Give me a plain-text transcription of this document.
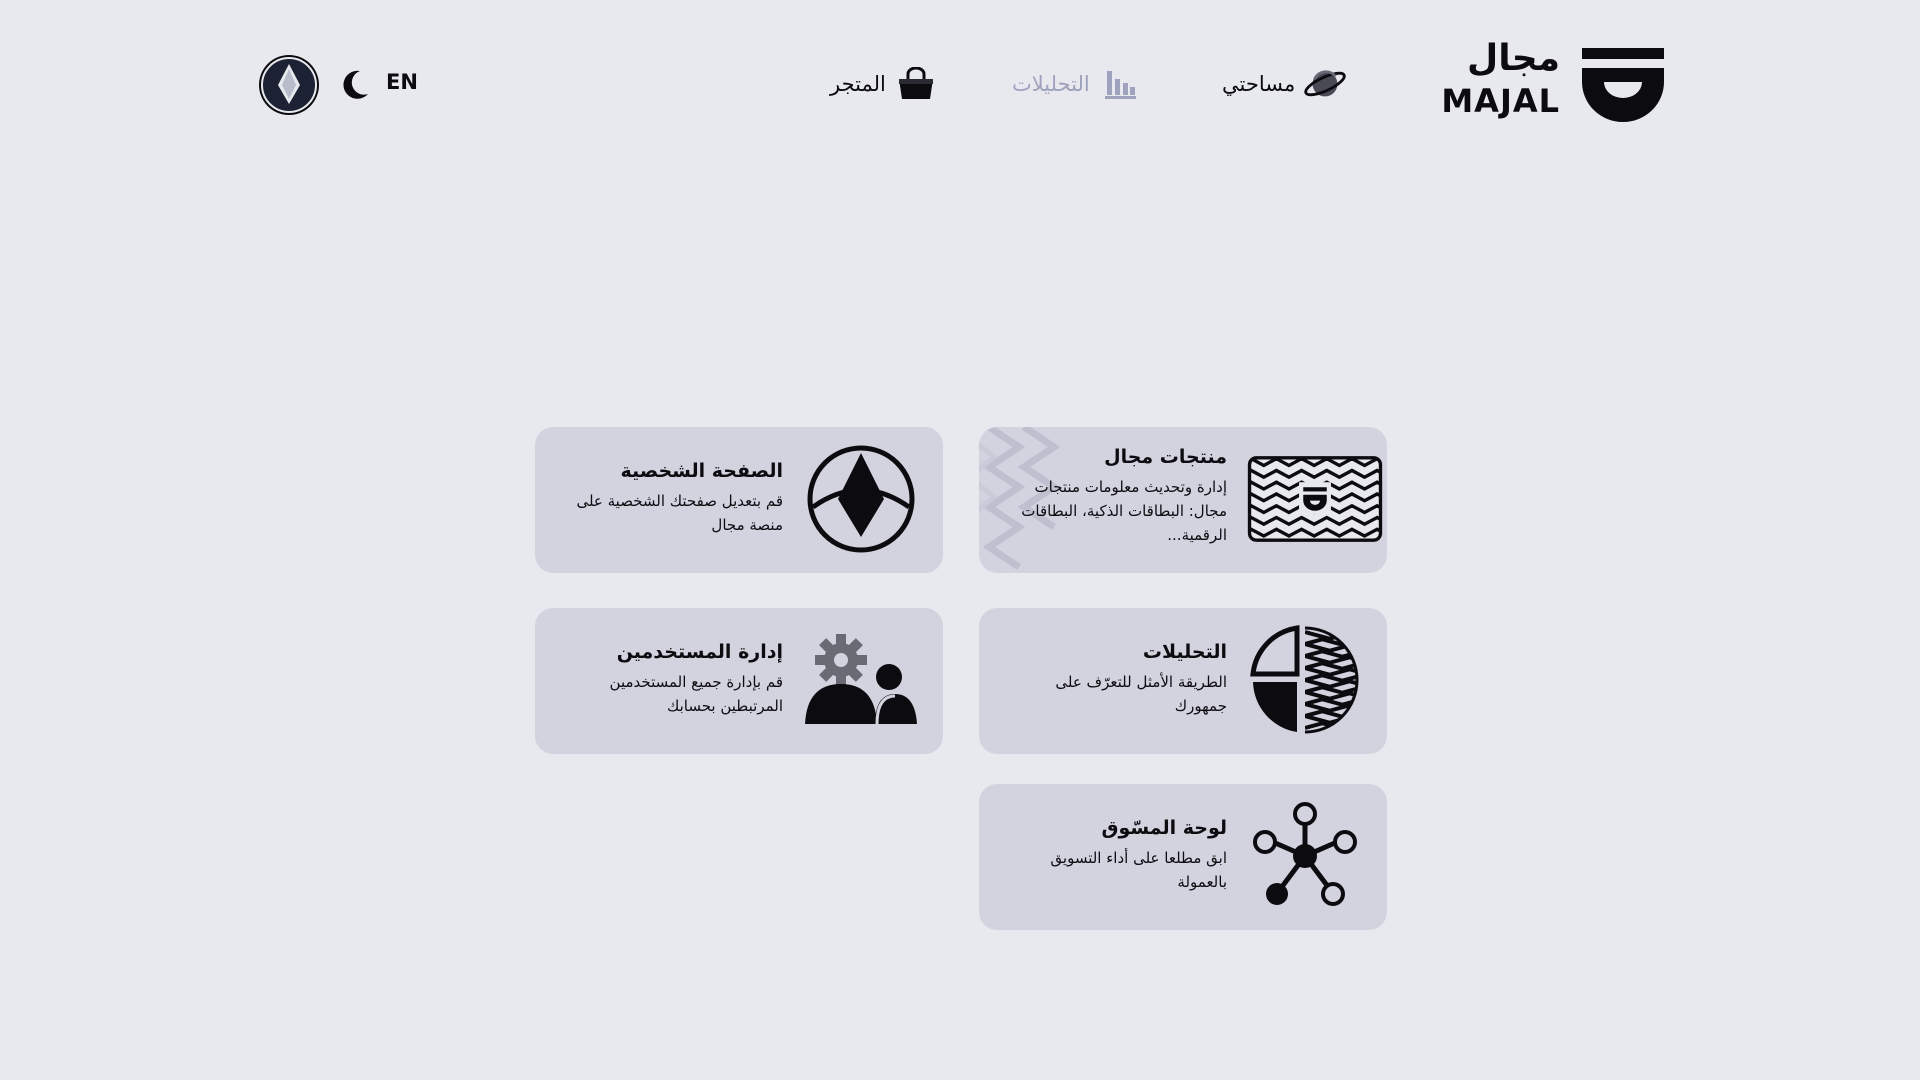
مجال
MAJAL
مساحتي
التحليلات
المتجر
EN
الصفحة الشخصية
قم بتعديل صفحتك الشخصية على منصة مجال
منتجات مجال
إدارة وتحديث معلومات منتجات مجال: البطاقات الذكية، البطاقات الرقمية...
إدارة المستخدمين
قم بإدارة جميع المستخدمين المرتبطين بحسابك
التحليلات
الطريقة الأمثل للتعرّف على جمهورك
لوحة المسّوق
ابق مطلعا على أداء التسويق بالعمولة
